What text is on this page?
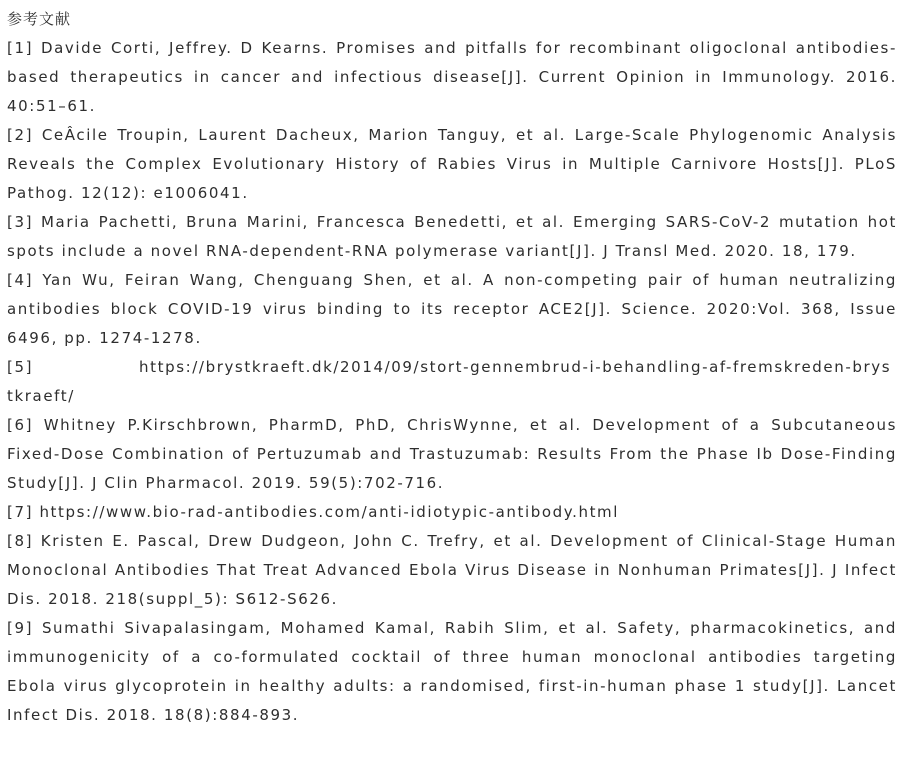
参考文献
[1] Davide Corti, Jeffrey. D Kearns. Promises and pitfalls for recombinant oligoclonal antibodies-based therapeutics in cancer and infectious disease[J]. Current Opinion in Immunology. 2016. 40:51–61.
[2] CeÂcile Troupin, Laurent Dacheux, Marion Tanguy, et al. Large-Scale Phylogenomic Analysis Reveals the Complex Evolutionary History of Rabies Virus in Multiple Carnivore Hosts[J]. PLoS Pathog. 12(12): e1006041.
[3] Maria Pachetti, Bruna Marini, Francesca Benedetti, et al. Emerging SARS-CoV-2 mutation hot spots include a novel RNA-dependent-RNA polymerase variant[J]. J Transl Med. 2020. 18, 179.
[4] Yan Wu, Feiran Wang, Chenguang Shen, et al. A non-competing pair of human neutralizing antibodies block COVID-19 virus binding to its receptor ACE2[J]. Science. 2020:Vol. 368, Issue 6496, pp. 1274-1278.
[5]	https://brystkraeft.dk/2014/09/stort-gennembrud-i-behandling-af-fremskreden-brystkraeft/
[6] Whitney P.Kirschbrown, PharmD, PhD, ChrisWynne, et al. Development of a Subcutaneous Fixed-Dose Combination of Pertuzumab and Trastuzumab: Results From the Phase Ib Dose-Finding Study[J]. J Clin Pharmacol. 2019. 59(5):702-716.
[7] https://www.bio-rad-antibodies.com/anti-idiotypic-antibody.html
[8] Kristen E. Pascal, Drew Dudgeon, John C. Trefry, et al. Development of Clinical-Stage Human Monoclonal Antibodies That Treat Advanced Ebola Virus Disease in Nonhuman Primates[J]. J Infect Dis. 2018. 218(suppl_5): S612-S626.
[9] Sumathi Sivapalasingam, Mohamed Kamal, Rabih Slim, et al. Safety, pharmacokinetics, and immunogenicity of a co-formulated cocktail of three human monoclonal antibodies targeting Ebola virus glycoprotein in healthy adults: a randomised, first-in-human phase 1 study[J]. Lancet Infect Dis. 2018. 18(8):884-893.
